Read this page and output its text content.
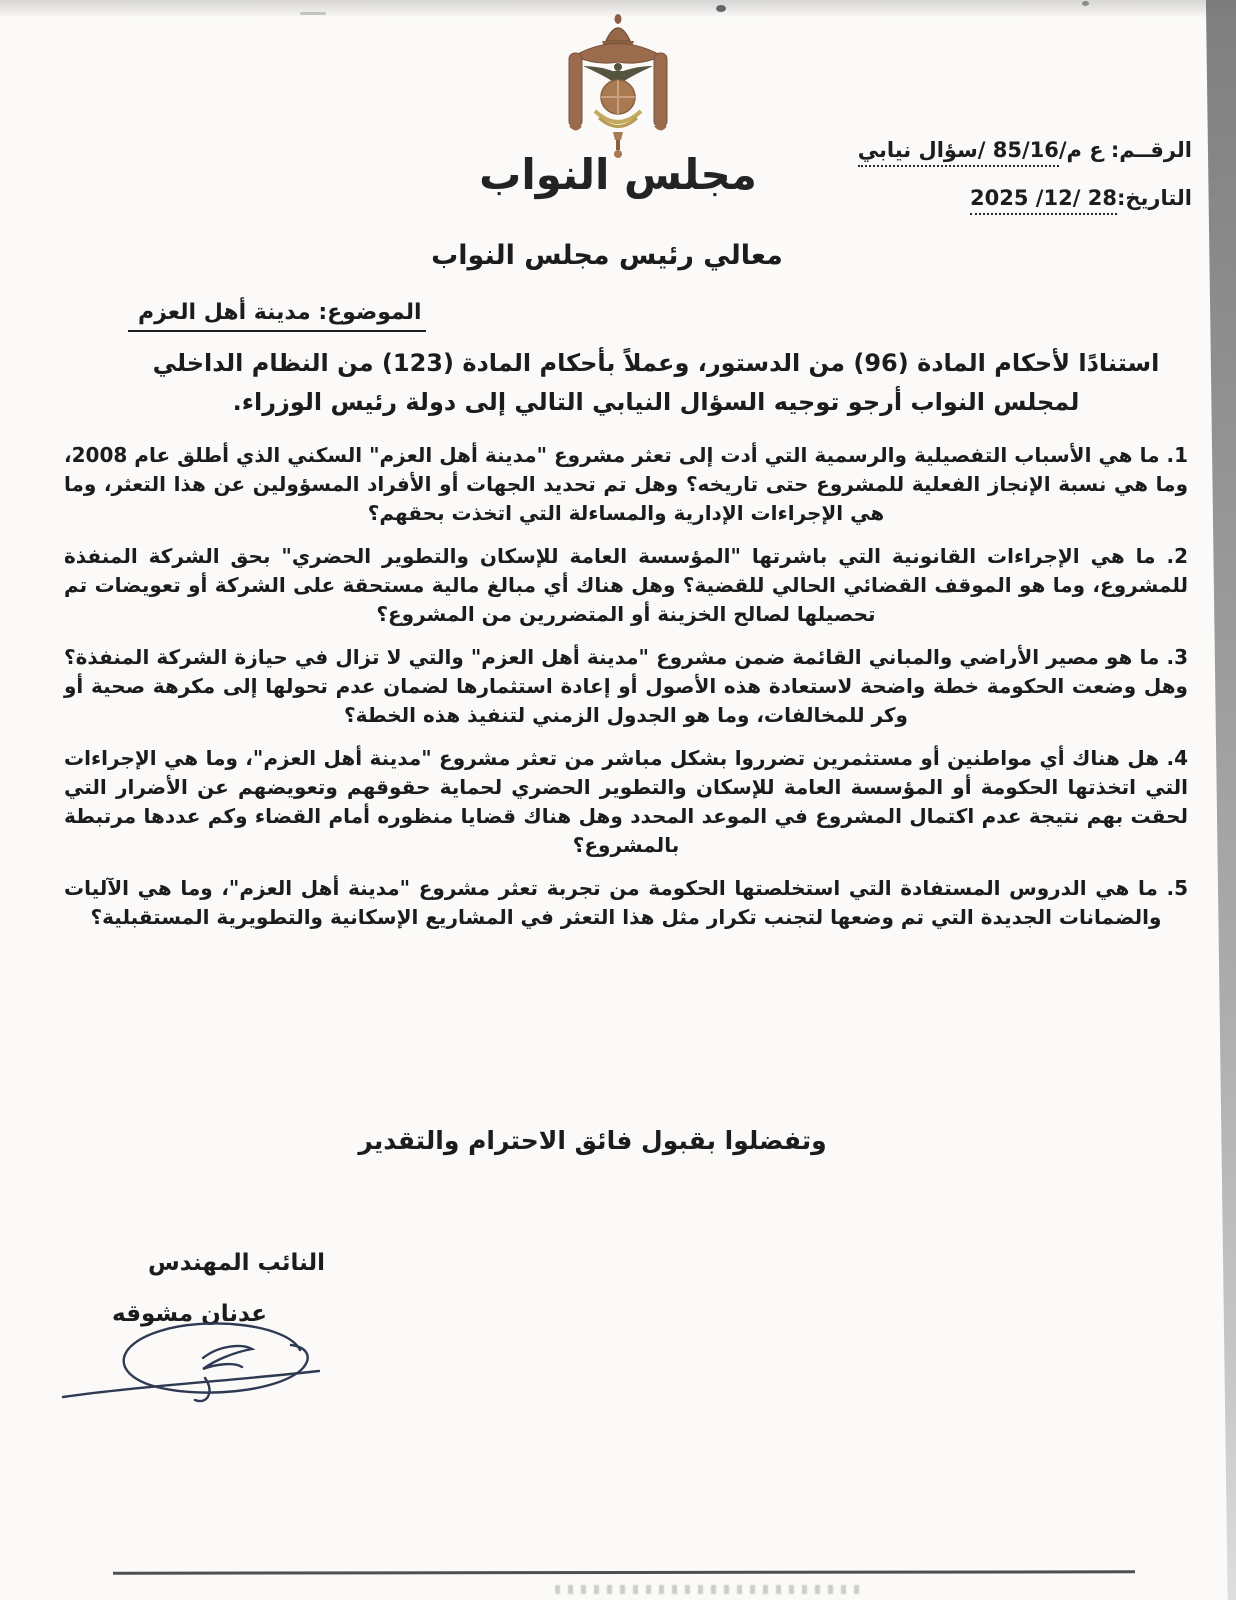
الرقــم: ع م/85/16 /سؤال نيابي
التاريخ:28 /12/ 2025
مجلس النواب
معالي رئيس مجلس النواب
الموضوع: مدينة أهل العزم
استنادًا لأحكام المادة (96) من الدستور، وعملاً بأحكام المادة (123) من النظام الداخلي لمجلس النواب أرجو توجيه السؤال النيابي التالي إلى دولة رئيس الوزراء.

1. ما هي الأسباب التفصيلية والرسمية التي أدت إلى تعثر مشروع "مدينة أهل العزم" السكني الذي أطلق عام 2008، وما هي نسبة الإنجاز الفعلية للمشروع حتى تاريخه؟ وهل تم تحديد الجهات أو الأفراد المسؤولين عن هذا التعثر، وما هي الإجراءات الإدارية والمساءلة التي اتخذت بحقهم؟

2. ما هي الإجراءات القانونية التي باشرتها "المؤسسة العامة للإسكان والتطوير الحضري" بحق الشركة المنفذة للمشروع، وما هو الموقف القضائي الحالي للقضية؟ وهل هناك أي مبالغ مالية مستحقة على الشركة أو تعويضات تم تحصيلها لصالح الخزينة أو المتضررين من المشروع؟

3. ما هو مصير الأراضي والمباني القائمة ضمن مشروع "مدينة أهل العزم" والتي لا تزال في حيازة الشركة المنفذة؟ وهل وضعت الحكومة خطة واضحة لاستعادة هذه الأصول أو إعادة استثمارها لضمان عدم تحولها إلى مكرهة صحية أو وكر للمخالفات، وما هو الجدول الزمني لتنفيذ هذه الخطة؟

4. هل هناك أي مواطنين أو مستثمرين تضرروا بشكل مباشر من تعثر مشروع "مدينة أهل العزم"، وما هي الإجراءات التي اتخذتها الحكومة أو المؤسسة العامة للإسكان والتطوير الحضري لحماية حقوقهم وتعويضهم عن الأضرار التي لحقت بهم نتيجة عدم اكتمال المشروع في الموعد المحدد وهل هناك قضايا منظوره أمام القضاء وكم عددها مرتبطة بالمشروع؟

5. ما هي الدروس المستفادة التي استخلصتها الحكومة من تجربة تعثر مشروع "مدينة أهل العزم"، وما هي الآليات والضمانات الجديدة التي تم وضعها لتجنب تكرار مثل هذا التعثر في المشاريع الإسكانية والتطويرية المستقبلية؟

وتفضلوا بقبول فائق الاحترام والتقدير
النائب المهندس
عدنان مشوقه
